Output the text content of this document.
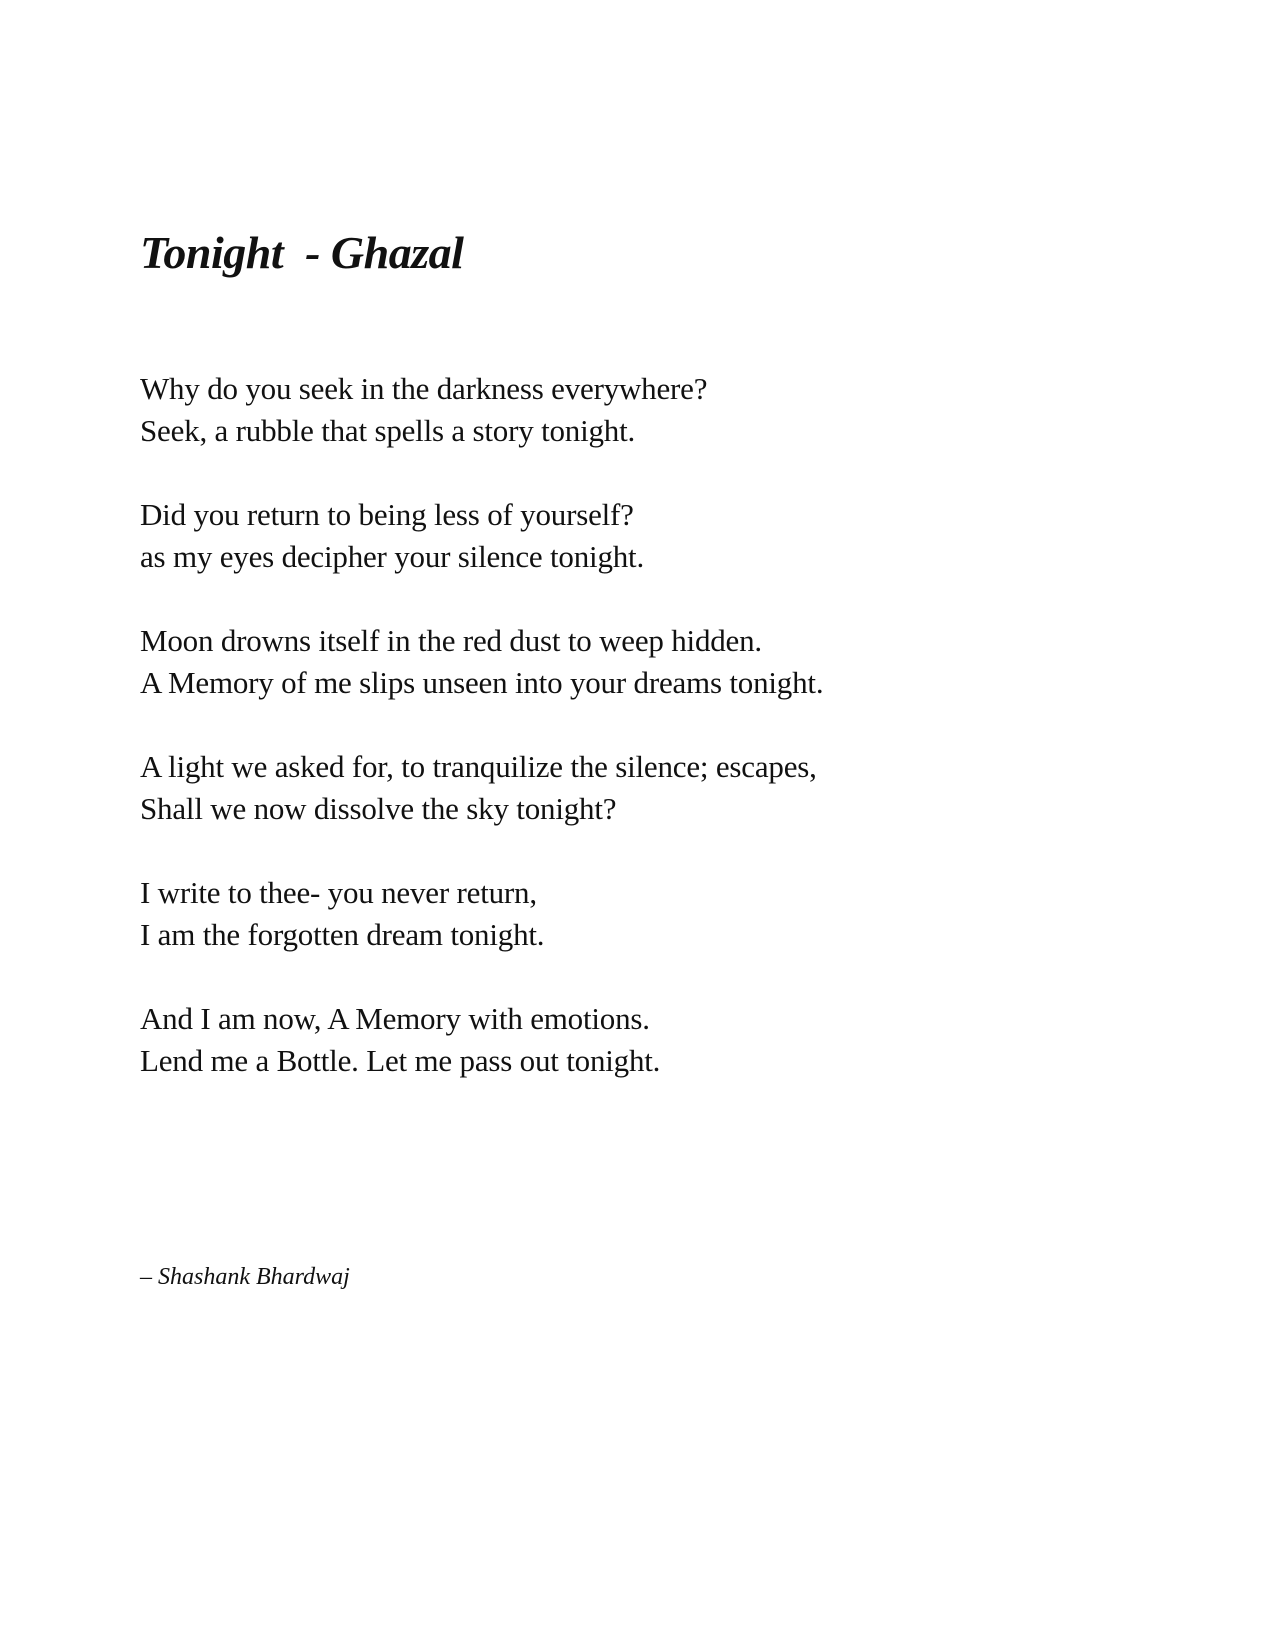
Tonight  - Ghazal
Why do you seek in the darkness everywhere?
Seek, a rubble that spells a story tonight.
Did you return to being less of yourself?
as my eyes decipher your silence tonight.
Moon drowns itself in the red dust to weep hidden.
A Memory of me slips unseen into your dreams tonight.
A light we asked for, to tranquilize the silence; escapes,
Shall we now dissolve the sky tonight?
I write to thee- you never return,
I am the forgotten dream tonight.
And I am now, A Memory with emotions.
Lend me a Bottle. Let me pass out tonight.
– Shashank Bhardwaj
